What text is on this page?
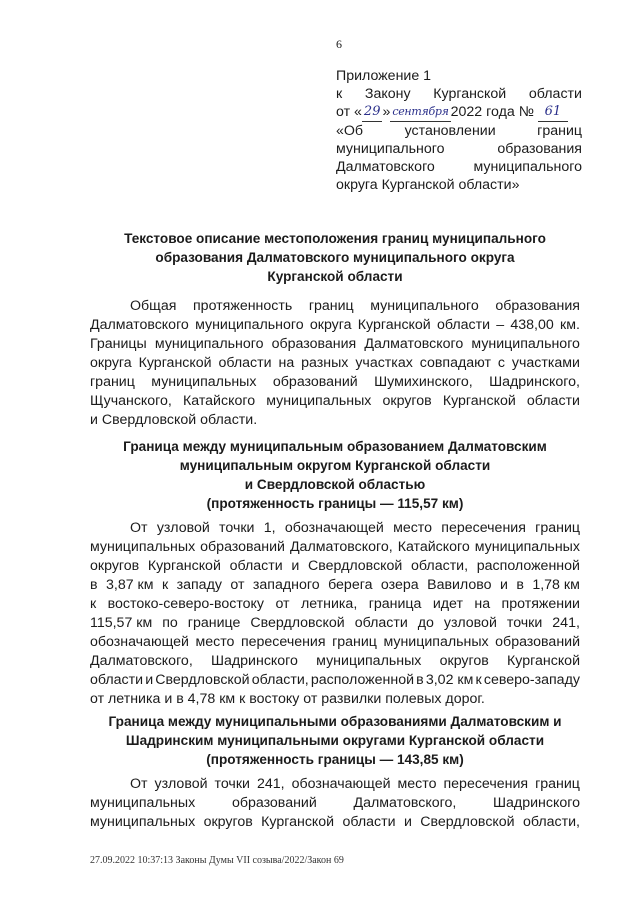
6
Приложение 1
к Закону Курганской области
от « 29 » сентября 2022 года №
61
«Об	установлении	границ
муниципального	образования
Далматовского	муниципального
округа Курганской области»
Текстовое описание местоположения границ муниципального
образования Далматовского муниципального округа
Курганской области
Общая протяженность границ муниципального образования
Далматовского муниципального округа Курганской области – 438,00 км.
Границы муниципального образования Далматовского муниципального
округа Курганской области на разных участках совпадают с участками
границ муниципальных образований Шумихинского, Шадринского,
Щучанского, Катайского муниципальных округов Курганской области
и Свердловской области.
Граница между муниципальным образованием Далматовским
муниципальным округом Курганской области
и Свердловской областью
(протяженность границы — 115,57 км)
От узловой точки 1, обозначающей место пересечения границ
муниципальных образований Далматовского, Катайского муниципальных
округов Курганской области и Свердловской области, расположенной
в 3,87 км к западу от западного берега озера Вавилово и в 1,78 км
к востоко-северо-востоку от летника, граница идет на протяжении
115,57 км по границе Свердловской области до узловой точки 241,
обозначающей место пересечения границ муниципальных образований
Далматовского, Шадринского муниципальных округов Курганской
области и Свердловской области, расположенной в 3,02 км к северо-западу
от летника и в 4,78 км к востоку от развилки полевых дорог.
Граница между муниципальными образованиями Далматовским и
Шадринским муниципальными округами Курганской области
(протяженность границы — 143,85 км)
От узловой точки 241, обозначающей место пересечения границ
муниципальных	образований	Далматовского,	Шадринского
муниципальных округов Курганской области и Свердловской области,
27.09.2022 10:37:13 Законы Думы VII созыва/2022/Закон 69
